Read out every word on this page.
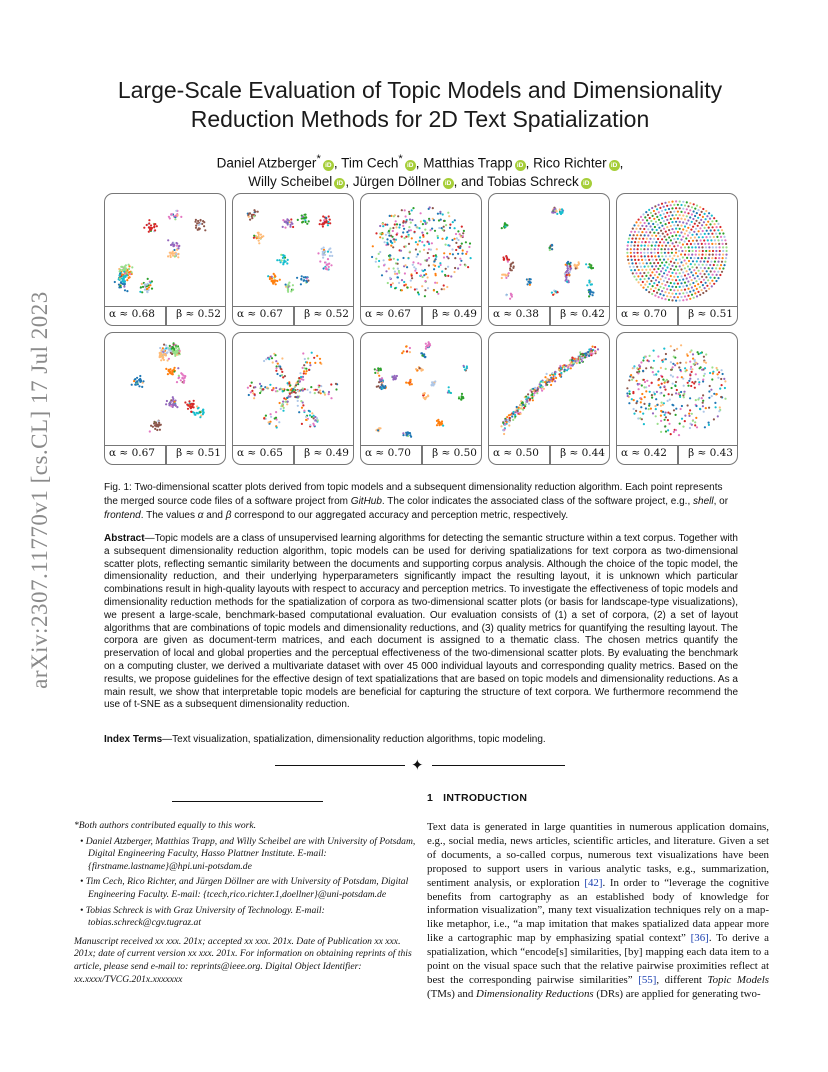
arXiv:2307.11770v1 [cs.CL] 17 Jul 2023
Large-Scale Evaluation of Topic Models and Dimensionality
Reduction Methods for 2D Text Spatialization
Daniel Atzberger* iD , Tim Cech* iD , Matthias Trapp iD , Rico Richter iD ,
Willy Scheibel iD , Jürgen Döllner iD , and Tobias Schreck iD
α ≈ 0.68 β ≈ 0.52 α ≈ 0.67 β ≈ 0.52 α ≈ 0.67 β ≈ 0.49 α ≈ 0.38 β ≈ 0.42 α ≈ 0.70 β ≈ 0.51
α ≈ 0.67 β ≈ 0.51 α ≈ 0.65 β ≈ 0.49 α ≈ 0.70 β ≈ 0.50 α ≈ 0.50 β ≈ 0.44 α ≈ 0.42 β ≈ 0.43
Fig. 1: Two-dimensional scatter plots derived from topic models and a subsequent dimensionality reduction algorithm. Each point represents the merged source code files of a software project from GitHub. The color indicates the associated class of the software project, e.g., shell, or frontend. The values α and β correspond to our aggregated accuracy and perception metric, respectively.
Abstract—Topic models are a class of unsupervised learning algorithms for detecting the semantic structure within a text corpus. Together with a subsequent dimensionality reduction algorithm, topic models can be used for deriving spatializations for text corpora as two-dimensional scatter plots, reflecting semantic similarity between the documents and supporting corpus analysis. Although the choice of the topic model, the dimensionality reduction, and their underlying hyperparameters significantly impact the resulting layout, it is unknown which particular combinations result in high-quality layouts with respect to accuracy and perception metrics. To investigate the effectiveness of topic models and dimensionality reduction methods for the spatialization of corpora as two-dimensional scatter plots (or basis for landscape-type visualizations), we present a large-scale, benchmark-based computational evaluation. Our evaluation consists of (1) a set of corpora, (2) a set of layout algorithms that are combinations of topic models and dimensionality reductions, and (3) quality metrics for quantifying the resulting layout. The corpora are given as document-term matrices, and each document is assigned to a thematic class. The chosen metrics quantify the preservation of local and global properties and the perceptual effectiveness of the two-dimensional scatter plots. By evaluating the benchmark on a computing cluster, we derived a multivariate dataset with over 45 000 individual layouts and corresponding quality metrics. Based on the results, we propose guidelines for the effective design of text spatializations that are based on topic models and dimensionality reductions. As a main result, we show that interpretable topic models are beneficial for capturing the structure of text corpora. We furthermore recommend the use of t-SNE as a subsequent dimensionality reduction.
Index Terms—Text visualization, spatialization, dimensionality reduction algorithms, topic modeling.
✦
*Both authors contributed equally to this work.
• Daniel Atzberger, Matthias Trapp, and Willy Scheibel are with University of Potsdam, Digital Engineering Faculty, Hasso Plattner Institute. E-mail: {firstname.lastname}@hpi.uni-potsdam.de
• Tim Cech, Rico Richter, and Jürgen Döllner are with University of Potsdam, Digital Engineering Faculty. E-mail: {tcech,rico.richter.1,doellner}@uni-potsdam.de
• Tobias Schreck is with Graz University of Technology. E-mail: tobias.schreck@cgv.tugraz.at
Manuscript received xx xxx. 201x; accepted xx xxx. 201x. Date of Publication xx xxx. 201x; date of current version xx xxx. 201x. For information on obtaining reprints of this article, please send e-mail to: reprints@ieee.org. Digital Object Identifier: xx.xxxx/TVCG.201x.xxxxxxx
1 INTRODUCTION
Text data is generated in large quantities in numerous application domains, e.g., social media, news articles, scientific articles, and literature. Given a set of documents, a so-called corpus, numerous text visualizations have been proposed to support users in various analytic tasks, e.g., summarization, sentiment analysis, or exploration [42]. In order to “leverage the cognitive benefits from cartography as an established body of knowledge for information visualization”, many text visualization techniques rely on a map-like metaphor, i.e., “a map imitation that makes spatialized data appear more like a cartographic map by emphasizing spatial context” [36]. To derive a spatialization, which “encode[s] similarities, [by] mapping each data item to a point on the visual space such that the relative pairwise proximities reflect at best the corresponding pairwise similarities” [55], different Topic Models (TMs) and Dimensionality Reductions (DRs) are applied for generating two-
